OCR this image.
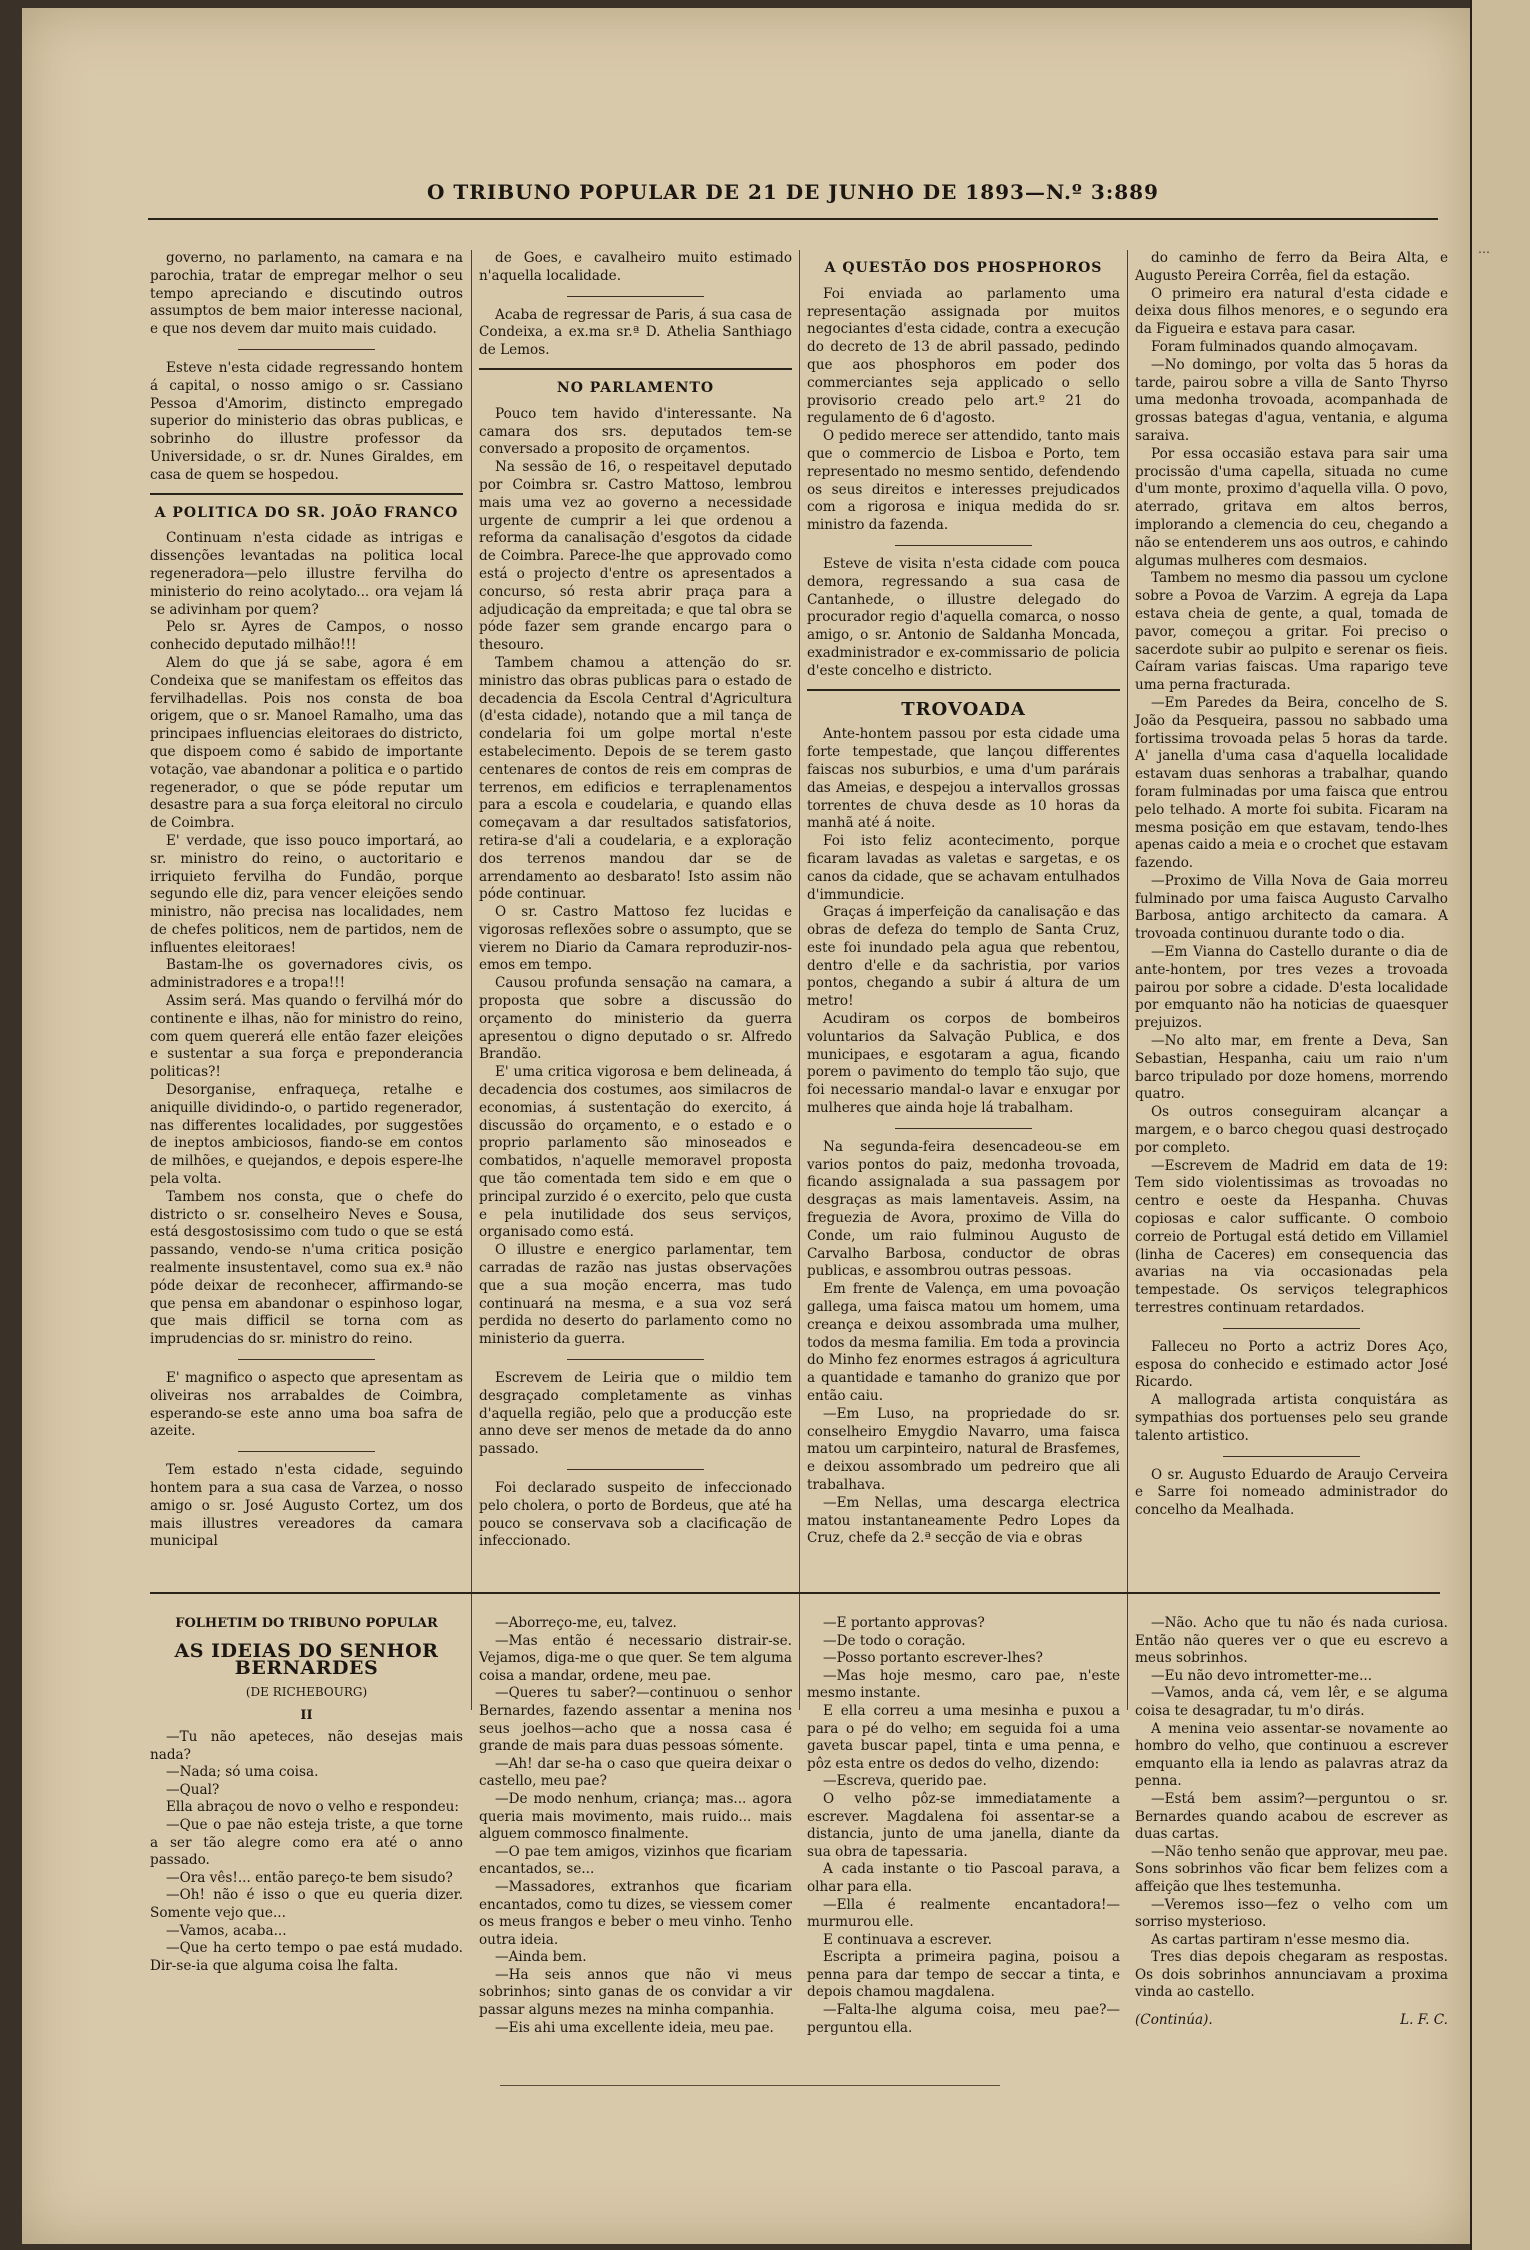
…
O TRIBUNO POPULAR DE 21 DE JUNHO DE 1893—N.º 3:889

governo, no parlamento, na camara e na parochia, tratar de empregar melhor o seu tempo apreciando e discutindo outros assumptos de bem maior interesse nacional, e que nos devem dar muito mais cuidado.

Esteve n'esta cidade regressando hontem á capital, o nosso amigo o sr. Cassiano Pessoa d'Amorim, distincto empregado superior do ministerio das obras publicas, e sobrinho do illustre professor da Universidade, o sr. dr. Nunes Giraldes, em casa de quem se hospedou.

A POLITICA DO SR. JOÃO FRANCO

Continuam n'esta cidade as intrigas e dissenções levantadas na politica local regeneradora—pelo illustre fervilha do ministerio do reino acolytado... ora vejam lá se adivinham por quem?

Pelo sr. Ayres de Campos, o nosso conhecido deputado milhão!!!

Alem do que já se sabe, agora é em Condeixa que se manifestam os effeitos das fervilhadellas. Pois nos consta de boa origem, que o sr. Manoel Ramalho, uma das principaes influencias eleitoraes do districto, que dispoem como é sabido de importante votação, vae abandonar a politica e o partido regenerador, o que se póde reputar um desastre para a sua força eleitoral no circulo de Coimbra.

E' verdade, que isso pouco importará, ao sr. ministro do reino, o auctoritario e irriquieto fervilha do Fundão, porque segundo elle diz, para vencer eleições sendo ministro, não precisa nas localidades, nem de chefes politicos, nem de partidos, nem de influentes eleitoraes!

Bastam-lhe os governadores civis, os administradores e a tropa!!!

Assim será. Mas quando o fervilhá mór do continente e ilhas, não for ministro do reino, com quem quererá elle então fazer eleições e sustentar a sua força e preponderancia politicas?!

Desorganise, enfraqueça, retalhe e aniquille dividindo-o, o partido regenerador, nas differentes localidades, por suggestões de ineptos ambiciosos, fiando-se em contos de milhões, e quejandos, e depois espere-lhe pela volta.

Tambem nos consta, que o chefe do districto o sr. conselheiro Neves e Sousa, está desgostosissimo com tudo o que se está passando, vendo-se n'uma critica posição realmente insustentavel, como sua ex.ª não póde deixar de reconhecer, affirmando-se que pensa em abandonar o espinhoso logar, que mais difficil se torna com as imprudencias do sr. ministro do reino.

E' magnifico o aspecto que apresentam as oliveiras nos arrabaldes de Coimbra, esperando-se este anno uma boa safra de azeite.

Tem estado n'esta cidade, seguindo hontem para a sua casa de Varzea, o nosso amigo o sr. José Augusto Cortez, um dos mais illustres vereadores da camara municipal

de Goes, e cavalheiro muito estimado n'aquella localidade.

Acaba de regressar de Paris, á sua casa de Condeixa, a ex.ma sr.ª D. Athelia Santhiago de Lemos.

NO PARLAMENTO

Pouco tem havido d'interessante. Na camara dos srs. deputados tem-se conversado a proposito de orçamentos.

Na sessão de 16, o respeitavel deputado por Coimbra sr. Castro Mattoso, lembrou mais uma vez ao governo a necessidade urgente de cumprir a lei que ordenou a reforma da canalisação d'esgotos da cidade de Coimbra. Parece-lhe que approvado como está o projecto d'entre os apresentados a concurso, só resta abrir praça para a adjudicação da empreitada; e que tal obra se póde fazer sem grande encargo para o thesouro.

Tambem chamou a attenção do sr. ministro das obras publicas para o estado de decadencia da Escola Central d'Agricultura (d'esta cidade), notando que a mil tança de condelaria foi um golpe mortal n'este estabelecimento. Depois de se terem gasto centenares de contos de reis em compras de terrenos, em edificios e terraplenamentos para a escola e coudelaria, e quando ellas começavam a dar resultados satisfatorios, retira-se d'ali a coudelaria, e a exploração dos terrenos mandou dar se de arrendamento ao desbarato! Isto assim não póde continuar.

O sr. Castro Mattoso fez lucidas e vigorosas reflexões sobre o assumpto, que se vierem no Diario da Camara reproduzir-nos-emos em tempo.

Causou profunda sensação na camara, a proposta que sobre a discussão do orçamento do ministerio da guerra apresentou o digno deputado o sr. Alfredo Brandão.

E' uma critica vigorosa e bem delineada, á decadencia dos costumes, aos similacros de economias, á sustentação do exercito, á discussão do orçamento, e o estado e o proprio parlamento são minoseados e combatidos, n'aquelle memoravel proposta que tão comentada tem sido e em que o principal zurzido é o exercito, pelo que custa e pela inutilidade dos seus serviços, organisado como está.

O illustre e energico parlamentar, tem carradas de razão nas justas observações que a sua moção encerra, mas tudo continuará na mesma, e a sua voz será perdida no deserto do parlamento como no ministerio da guerra.

Escrevem de Leiria que o mildio tem desgraçado completamente as vinhas d'aquella região, pelo que a producção este anno deve ser menos de metade da do anno passado.

Foi declarado suspeito de infeccionado pelo cholera, o porto de Bordeus, que até ha pouco se conservava sob a clacificação de infeccionado.

A QUESTÃO DOS PHOSPHOROS

Foi enviada ao parlamento uma representação assignada por muitos negociantes d'esta cidade, contra a execução do decreto de 13 de abril passado, pedindo que aos phosphoros em poder dos commerciantes seja applicado o sello provisorio creado pelo art.º 21 do regulamento de 6 d'agosto.

O pedido merece ser attendido, tanto mais que o commercio de Lisboa e Porto, tem representado no mesmo sentido, defendendo os seus direitos e interesses prejudicados com a rigorosa e iniqua medida do sr. ministro da fazenda.

Esteve de visita n'esta cidade com pouca demora, regressando a sua casa de Cantanhede, o illustre delegado do procurador regio d'aquella comarca, o nosso amigo, o sr. Antonio de Saldanha Moncada, exadministrador e ex-commissario de policia d'este concelho e districto.

TROVOADA

Ante-hontem passou por esta cidade uma forte tempestade, que lançou differentes faiscas nos suburbios, e uma d'um parárais das Ameias, e despejou a intervallos grossas torrentes de chuva desde as 10 horas da manhã até á noite.

Foi isto feliz acontecimento, porque ficaram lavadas as valetas e sargetas, e os canos da cidade, que se achavam entulhados d'immundicie.

Graças á imperfeição da canalisação e das obras de defeza do templo de Santa Cruz, este foi inundado pela agua que rebentou, dentro d'elle e da sachristia, por varios pontos, chegando a subir á altura de um metro!

Acudiram os corpos de bombeiros voluntarios da Salvação Publica, e dos municipaes, e esgotaram a agua, ficando porem o pavimento do templo tão sujo, que foi necessario mandal-o lavar e enxugar por mulheres que ainda hoje lá trabalham.

Na segunda-feira desencadeou-se em varios pontos do paiz, medonha trovoada, ficando assignalada a sua passagem por desgraças as mais lamentaveis. Assim, na freguezia de Avora, proximo de Villa do Conde, um raio fulminou Augusto de Carvalho Barbosa, conductor de obras publicas, e assombrou outras pessoas.

Em frente de Valença, em uma povoação gallega, uma faisca matou um homem, uma creança e deixou assombrada uma mulher, todos da mesma familia. Em toda a provincia do Minho fez enormes estragos á agricultura a quantidade e tamanho do granizo que por então caiu.

—Em Luso, na propriedade do sr. conselheiro Emygdio Navarro, uma faisca matou um carpinteiro, natural de Brasfemes, e deixou assombrado um pedreiro que ali trabalhava.

—Em Nellas, uma descarga electrica matou instantaneamente Pedro Lopes da Cruz, chefe da 2.ª secção de via e obras

do caminho de ferro da Beira Alta, e Augusto Pereira Corrêa, fiel da estação.

O primeiro era natural d'esta cidade e deixa dous filhos menores, e o segundo era da Figueira e estava para casar.

Foram fulminados quando almoçavam.

—No domingo, por volta das 5 horas da tarde, pairou sobre a villa de Santo Thyrso uma medonha trovoada, acompanhada de grossas bategas d'agua, ventania, e alguma saraiva.

Por essa occasião estava para sair uma procissão d'uma capella, situada no cume d'um monte, proximo d'aquella villa. O povo, aterrado, gritava em altos berros, implorando a clemencia do ceu, chegando a não se entenderem uns aos outros, e cahindo algumas mulheres com desmaios.

Tambem no mesmo dia passou um cyclone sobre a Povoa de Varzim. A egreja da Lapa estava cheia de gente, a qual, tomada de pavor, começou a gritar. Foi preciso o sacerdote subir ao pulpito e serenar os fieis. Caíram varias faiscas. Uma raparigo teve uma perna fracturada.

—Em Paredes da Beira, concelho de S. João da Pesqueira, passou no sabbado uma fortissima trovoada pelas 5 horas da tarde. A' janella d'uma casa d'aquella localidade estavam duas senhoras a trabalhar, quando foram fulminadas por uma faisca que entrou pelo telhado. A morte foi subita. Ficaram na mesma posição em que estavam, tendo-lhes apenas caido a meia e o crochet que estavam fazendo.

—Proximo de Villa Nova de Gaia morreu fulminado por uma faisca Augusto Carvalho Barbosa, antigo architecto da camara. A trovoada continuou durante todo o dia.

—Em Vianna do Castello durante o dia de ante-hontem, por tres vezes a trovoada pairou por sobre a cidade. D'esta localidade por emquanto não ha noticias de quaesquer prejuizos.

—No alto mar, em frente a Deva, San Sebastian, Hespanha, caiu um raio n'um barco tripulado por doze homens, morrendo quatro.

Os outros conseguiram alcançar a margem, e o barco chegou quasi destroçado por completo.

—Escrevem de Madrid em data de 19: Tem sido violentissimas as trovoadas no centro e oeste da Hespanha. Chuvas copiosas e calor sufficante. O comboio correio de Portugal está detido em Villamiel (linha de Caceres) em consequencia das avarias na via occasionadas pela tempestade. Os serviços telegraphicos terrestres continuam retardados.

Falleceu no Porto a actriz Dores Aço, esposa do conhecido e estimado actor José Ricardo.

A mallograda artista conquistára as sympathias dos portuenses pelo seu grande talento artistico.

O sr. Augusto Eduardo de Araujo Cerveira e Sarre foi nomeado administrador do concelho da Mealhada.

FOLHETIM DO TRIBUNO POPULAR
AS IDEIAS DO SENHOR BERNARDES
(DE RICHEBOURG)
II

—Tu não apeteces, não desejas mais nada?

—Nada; só uma coisa.

—Qual?

Ella abraçou de novo o velho e respondeu:

—Que o pae não esteja triste, a que torne a ser tão alegre como era até o anno passado.

—Ora vês!... então pareço-te bem sisudo?

—Oh! não é isso o que eu queria dizer. Somente vejo que...

—Vamos, acaba...

—Que ha certo tempo o pae está mudado. Dir-se-ia que alguma coisa lhe falta.

—Aborreço-me, eu, talvez.

—Mas então é necessario distrair-se. Vejamos, diga-me o que quer. Se tem alguma coisa a mandar, ordene, meu pae.

—Queres tu saber?—continuou o senhor Bernardes, fazendo assentar a menina nos seus joelhos—acho que a nossa casa é grande de mais para duas pessoas sómente.

—Ah! dar se-ha o caso que queira deixar o castello, meu pae?

—De modo nenhum, criança; mas... agora queria mais movimento, mais ruido... mais alguem commosco finalmente.

—O pae tem amigos, vizinhos que ficariam encantados, se...

—Massadores, extranhos que ficariam encantados, como tu dizes, se viessem comer os meus frangos e beber o meu vinho. Tenho outra ideia.

—Ainda bem.

—Ha seis annos que não vi meus sobrinhos; sinto ganas de os convidar a vir passar alguns mezes na minha companhia.

—Eis ahi uma excellente ideia, meu pae.

—E portanto approvas?

—De todo o coração.

—Posso portanto escrever-lhes?

—Mas hoje mesmo, caro pae, n'este mesmo instante.

E ella correu a uma mesinha e puxou a para o pé do velho; em seguida foi a uma gaveta buscar papel, tinta e uma penna, e pôz esta entre os dedos do velho, dizendo:

—Escreva, querido pae.

O velho pôz-se immediatamente a escrever. Magdalena foi assentar-se a distancia, junto de uma janella, diante da sua obra de tapessaria.

A cada instante o tio Pascoal parava, a olhar para ella.

—Ella é realmente encantadora!—murmurou elle.

E continuava a escrever.

Escripta a primeira pagina, poisou a penna para dar tempo de seccar a tinta, e depois chamou magdalena.

—Falta-lhe alguma coisa, meu pae?—perguntou ella.

—Não. Acho que tu não és nada curiosa. Então não queres ver o que eu escrevo a meus sobrinhos.

—Eu não devo intrometter-me...

—Vamos, anda cá, vem lêr, e se alguma coisa te desagradar, tu m'o dirás.

A menina veio assentar-se novamente ao hombro do velho, que continuou a escrever emquanto ella ia lendo as palavras atraz da penna.

—Está bem assim?—perguntou o sr. Bernardes quando acabou de escrever as duas cartas.

—Não tenho senão que approvar, meu pae. Sons sobrinhos vão ficar bem felizes com a affeição que lhes testemunha.

—Veremos isso—fez o velho com um sorriso mysterioso.

As cartas partiram n'esse mesmo dia.

Tres dias depois chegaram as respostas. Os dois sobrinhos annunciavam a proxima vinda ao castello.

(Continúa).	L. F. C.
